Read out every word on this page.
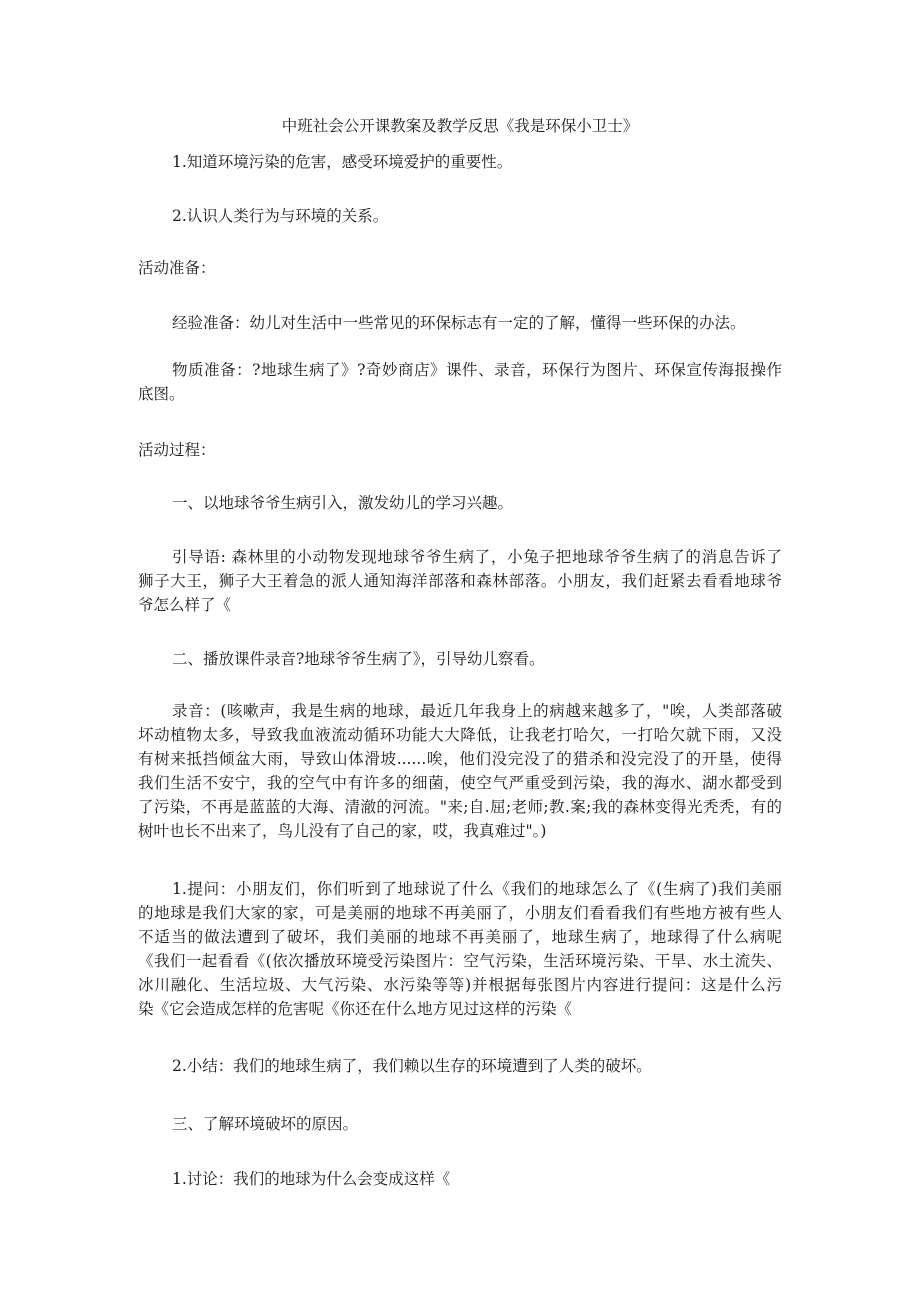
中班社会公开课教案及教学反思《我是环保小卫士》
1.知道环境污染的危害，感受环境爱护的重要性。
2.认识人类行为与环境的关系。
活动准备：
经验准备：幼儿对生活中一些常见的环保标志有一定的了解，懂得一些环保的办法。
物质准备：?地球生病了》?奇妙商店》课件、录音，环保行为图片、环保宣传海报操作
底图。
活动过程：
一、以地球爷爷生病引入，激发幼儿的学习兴趣。
引导语: 森林里的小动物发现地球爷爷生病了，小兔子把地球爷爷生病了的消息告诉了
狮子大王，狮子大王着急的派人通知海洋部落和森林部落。小朋友，我们赶紧去看看地球爷
爷怎么样了《
二、播放课件录音?地球爷爷生病了》，引导幼儿察看。
录音：(咳嗽声，我是生病的地球，最近几年我身上的病越来越多了，"唉，人类部落破
坏动植物太多，导致我血液流动循环功能大大降低，让我老打哈欠，一打哈欠就下雨，又没
有树来抵挡倾盆大雨，导致山体滑坡......唉，他们没完没了的猎杀和没完没了的开垦，使得
我们生活不安宁，我的空气中有许多的细菌，使空气严重受到污染，我的海水、湖水都受到
了污染，不再是蓝蓝的大海、清澈的河流。"来;自.屈;老师;教.案;我的森林变得光秃秃，有的
树叶也长不出来了，鸟儿没有了自己的家，哎，我真难过"。)
1.提问：小朋友们，你们听到了地球说了什么《我们的地球怎么了《(生病了)我们美丽
的地球是我们大家的家，可是美丽的地球不再美丽了，小朋友们看看我们有些地方被有些人
不适当的做法遭到了破坏，我们美丽的地球不再美丽了，地球生病了，地球得了什么病呢
《我们一起看看《(依次播放环境受污染图片：空气污染，生活环境污染、干旱、水土流失、
冰川融化、生活垃圾、大气污染、水污染等等)并根据每张图片内容进行提问：这是什么污
染《它会造成怎样的危害呢《你还在什么地方见过这样的污染《
2.小结：我们的地球生病了，我们赖以生存的环境遭到了人类的破坏。
三、了解环境破坏的原因。
1.讨论：我们的地球为什么会变成这样《
